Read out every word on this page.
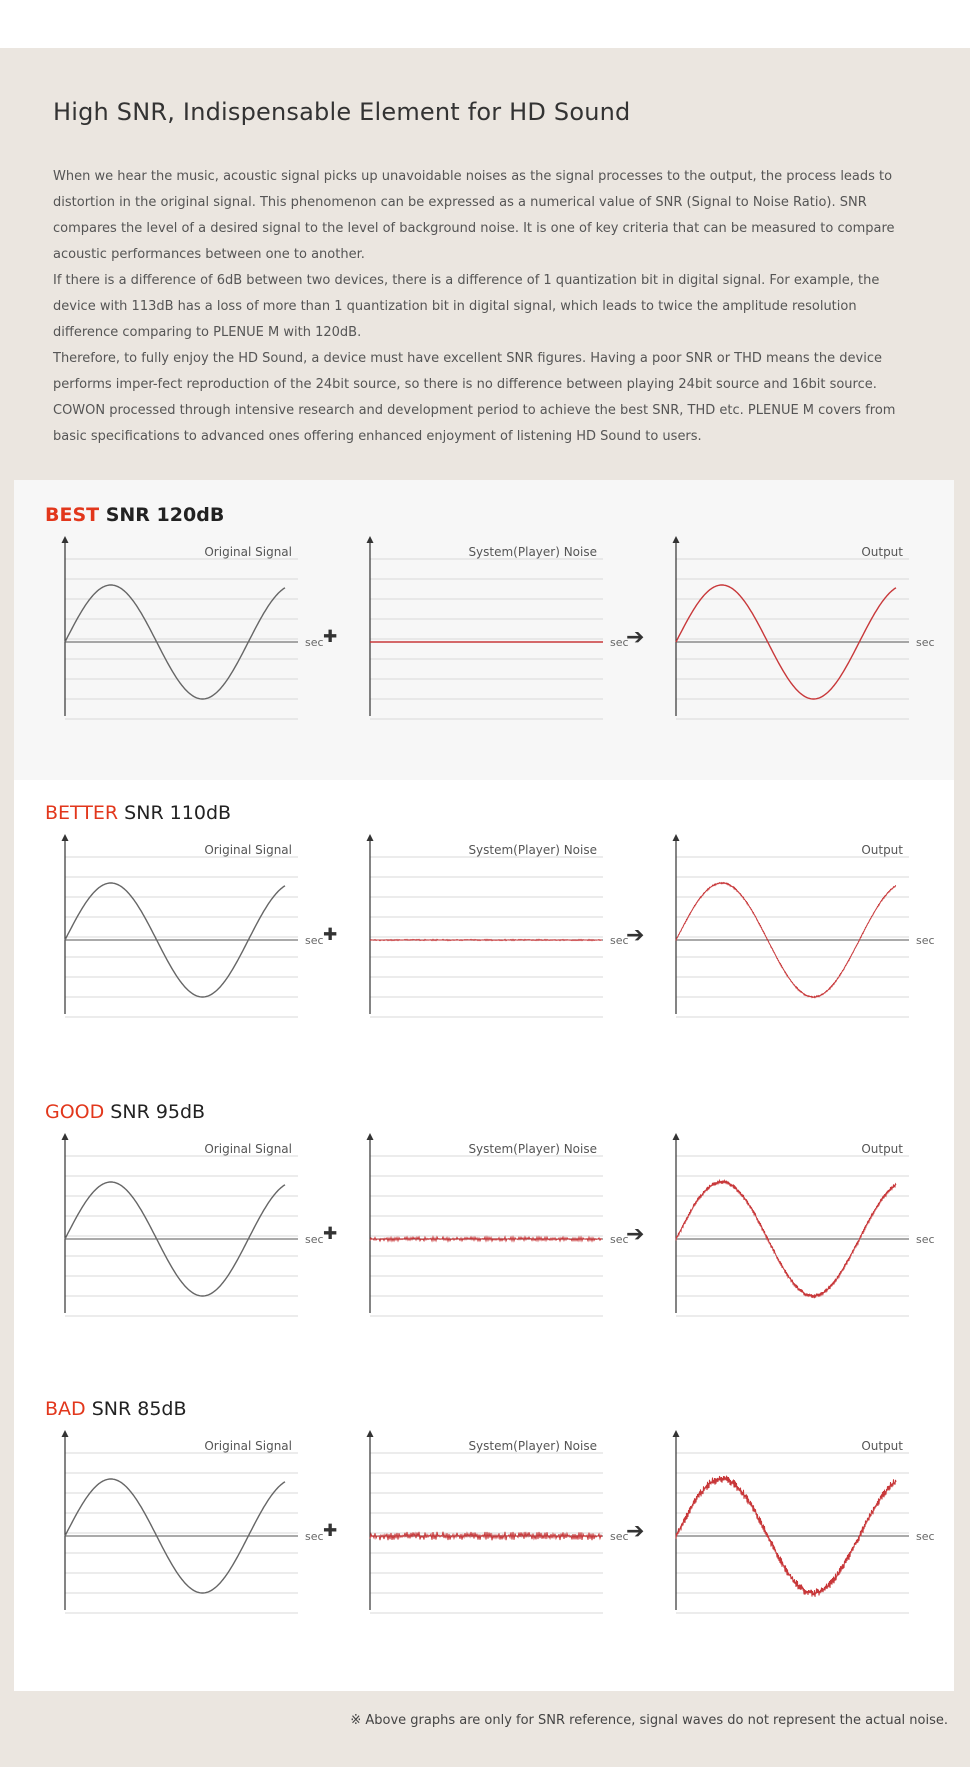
High SNR, Indispensable Element for HD Sound

When we hear the music, acoustic signal picks up unavoidable noises as the signal processes to the output, the process leads to distortion in the original signal. This phenomenon can be expressed as a numerical value of SNR (Signal to Noise Ratio). SNR compares the level of a desired signal to the level of background noise. It is one of key criteria that can be measured to compare acoustic performances between one to another.

If there is a difference of 6dB between two devices, there is a difference of 1 quantization bit in digital signal. For example, the device with 113dB has a loss of more than 1 quantization bit in digital signal, which leads to twice the amplitude resolution difference comparing to PLENUE M with 120dB.

Therefore, to fully enjoy the HD Sound, a device must have excellent SNR figures. Having a poor SNR or THD means the device performs imper-fect reproduction of the 24bit source, so there is no difference between playing 24bit source and 16bit source. COWON processed through intensive research and development period to achieve the best SNR, THD etc. PLENUE M covers from basic specifications to advanced ones offering enhanced enjoyment of listening HD Sound to users.

BEST SNR 120dB
Original Signal
sec
System(Player) Noise
sec
Output
sec
✚	➔
BETTER SNR 110dB
Original Signal
sec
System(Player) Noise
sec
Output
sec
✚	➔
GOOD SNR 95dB
Original Signal
sec
System(Player) Noise
sec
Output
sec
✚	➔
BAD SNR 85dB
Original Signal
sec
System(Player) Noise
sec
Output
sec
✚	➔
※ Above graphs are only for SNR reference, signal waves do not represent the actual noise.
